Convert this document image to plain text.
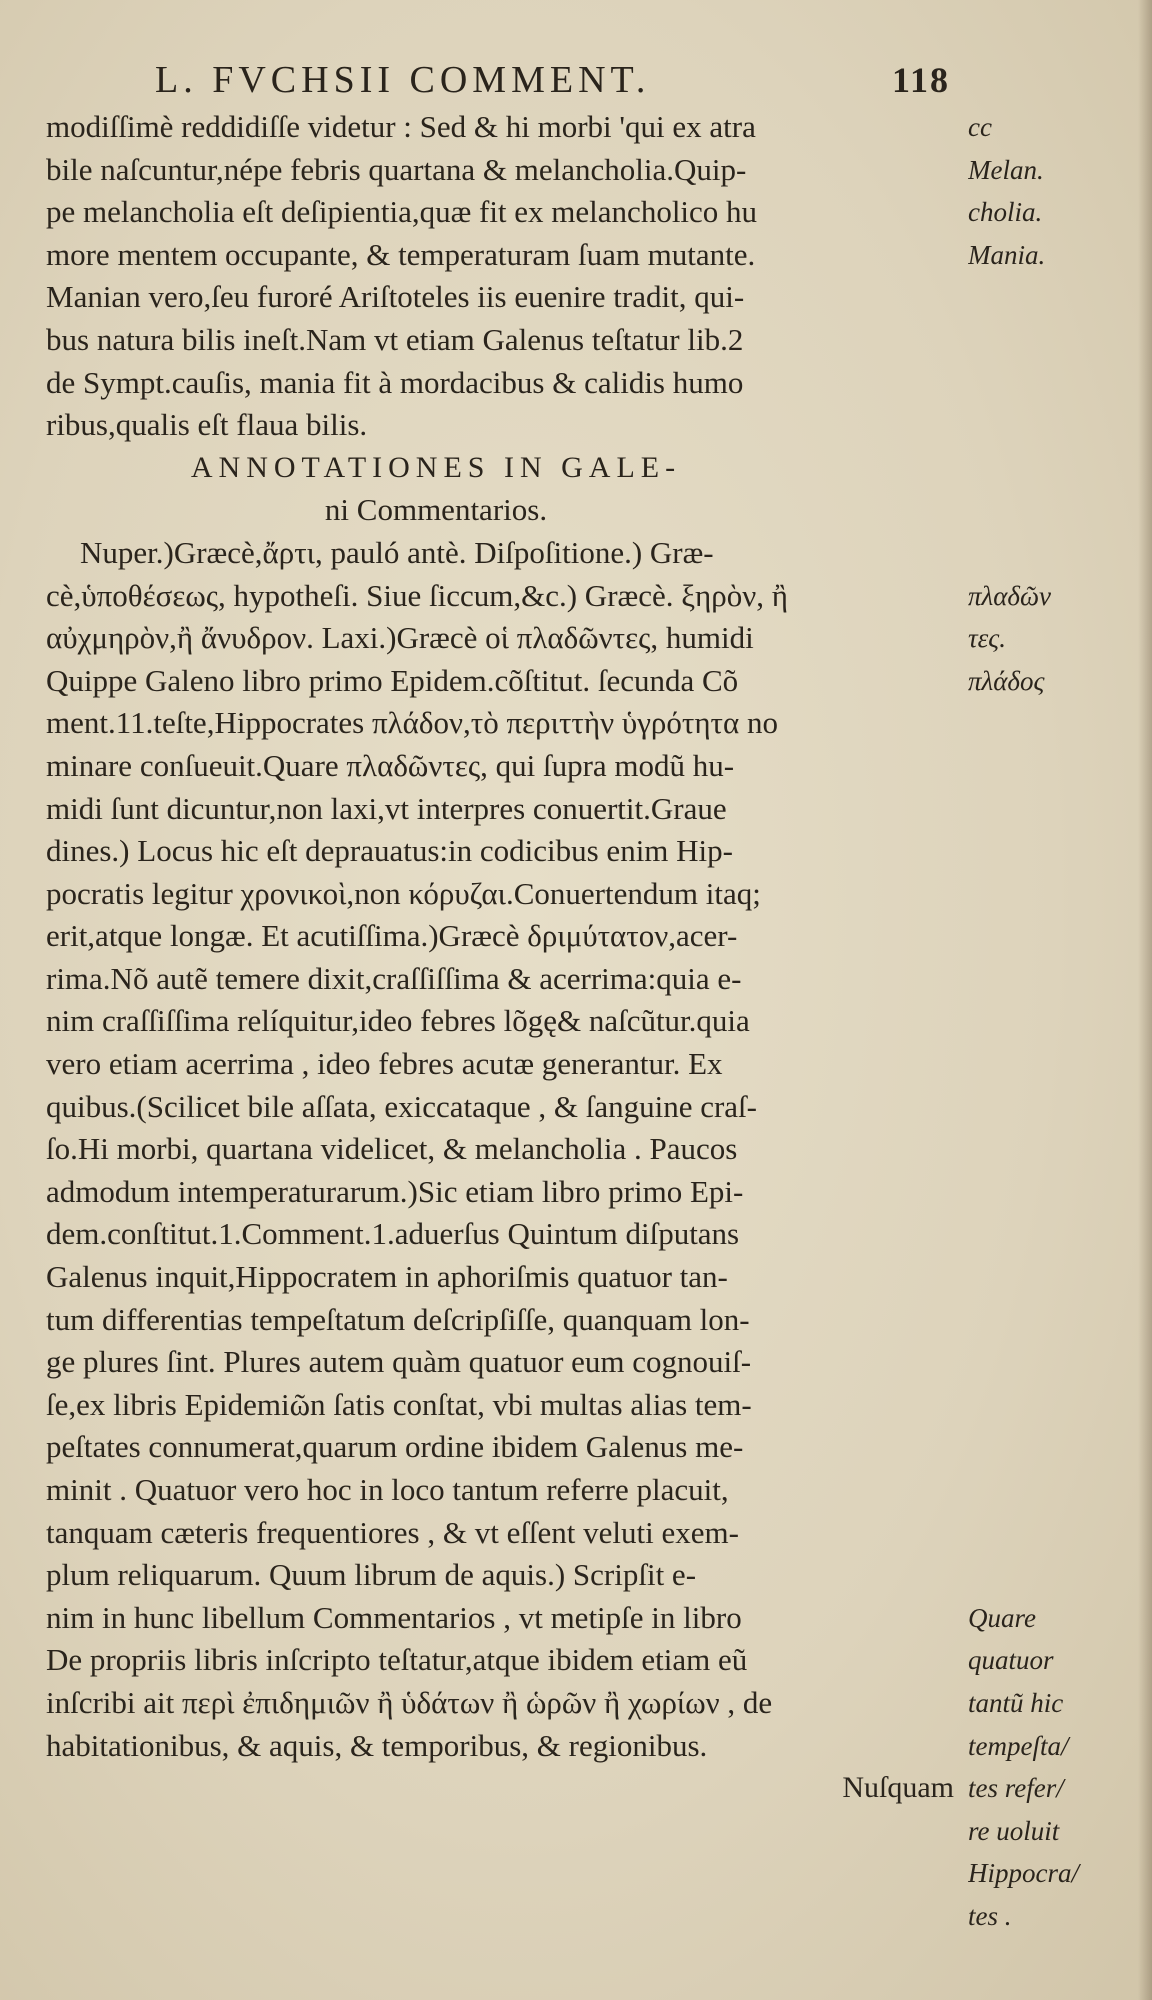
L. FVCHSII COMMENT.	118
modiſſimè reddidiſſe videtur : Sed & hi morbi 'qui ex atra
bile naſcuntur,népe febris quartana & melancholia.Quip-
pe melancholia eſt deſipientia,quæ fit ex melancholico hu
more mentem occupante, & temperaturam ſuam mutante.
Manian vero,ſeu furoré Ariſtoteles iis euenire tradit, qui-
bus natura bilis ineſt.Nam vt etiam Galenus teſtatur lib.2
de Sympt.cauſis, mania fit à mordacibus & calidis humo
ribus,qualis eſt flaua bilis.
ANNOTATIONES IN GALE-
ni Commentarios.
Nuper.)Græcè,ἄρτι, pauló antè. Diſpoſitione.) Græ-
cè,ὑποθέσεως, hypotheſi. Siue ſiccum,&c.) Græcè. ξηρὸν, ἢ
αὐχμηρὸν,ἢ ἄνυδρον. Laxi.)Græcè οἱ πλαδῶντες, humidi
Quippe Galeno libro primo Epidem.cõſtitut. ſecunda Cõ
ment.11.teſte,Hippocrates πλάδον,τὸ περιττὴν ὑγρότητα no
minare conſueuit.Quare πλαδῶντες, qui ſupra modũ hu-
midi ſunt dicuntur,non laxi,vt interpres conuertit.Graue
dines.) Locus hic eſt deprauatus:in codicibus enim Hip-
pocratis legitur χρονικοὶ,non κόρυζαι.Conuertendum itaq;
erit,atque longæ. Et acutiſſima.)Græcè δριμύτατον,acer-
rima.Nõ autẽ temere dixit,craſſiſſima & acerrima:quia e-
nim craſſiſſima relíquitur,ideo febres lõgę& naſcũtur.quia
vero etiam acerrima , ideo febres acutæ generantur. Ex
quibus.(Scilicet bile aſſata, exiccataque , & ſanguine craſ-
ſo.Hi morbi, quartana videlicet, & melancholia . Paucos
admodum intemperaturarum.)Sic etiam libro primo Epi-
dem.conſtitut.1.Comment.1.aduerſus Quintum diſputans
Galenus inquit,Hippocratem in aphoriſmis quatuor tan-
tum differentias tempeſtatum deſcripſiſſe, quanquam lon-
ge plures ſint. Plures autem quàm quatuor eum cognouiſ-
ſe,ex libris Epidemiῶn ſatis conſtat, vbi multas alias tem-
peſtates connumerat,quarum ordine ibidem Galenus me-
minit . Quatuor vero hoc in loco tantum referre placuit,
tanquam cæteris frequentiores , & vt eſſent veluti exem-
plum reliquarum. Quum librum de aquis.) Scripſit e-
nim in hunc libellum Commentarios , vt metipſe in libro
De propriis libris inſcripto teſtatur,atque ibidem etiam eũ
inſcribi ait περὶ ἐπιδημιῶν ἢ ὑδάτων ἢ ὡρῶν ἢ χωρίων , de
habitationibus, & aquis, & temporibus, & regionibus.
Nuſquam
cc
Melan.
cholia.
Mania.
πλαδῶν
τες.
πλάδος
Quare
quatuor
tantũ hic
tempeſta/
tes refer/
re uoluit
Hippocra/
tes .
